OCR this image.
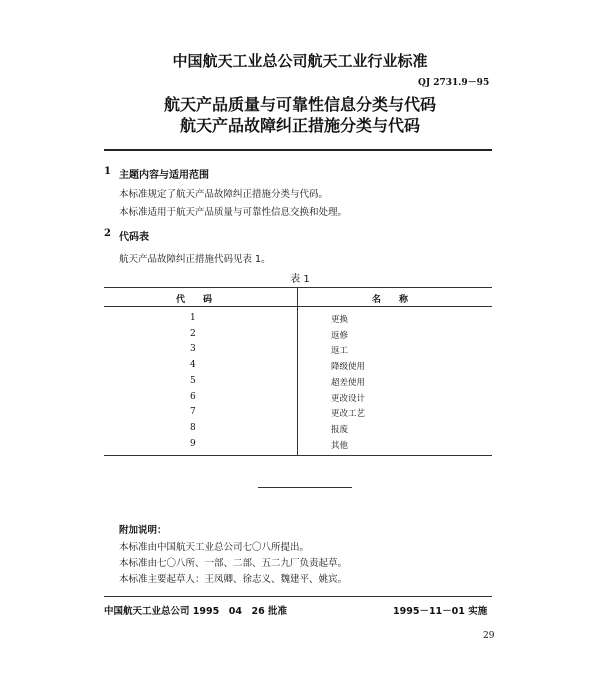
中国航天工业总公司航天工业行业标准
QJ 2731.9－95
航天产品质量与可靠性信息分类与代码
航天产品故障纠正措施分类与代码
1 主题内容与适用范围
本标准规定了航天产品故障纠正措施分类与代码。
本标准适用于航天产品质量与可靠性信息交换和处理。
2 代码表
航天产品故障纠正措施代码见表 1。
表 1
代　　码	名　　称
1	更换
2	返修
3	返工
4	降级使用
5	超差使用
6	更改设计
7	更改工艺
8	报废
9	其他
附加说明：
本标准由中国航天工业总公司七〇八所提出。
本标准由七〇八所、一部、二部、五二九厂负责起草。
本标准主要起草人：王凤卿、徐志义、魏建平、姚宾。
中国航天工业总公司 1995　04　26 批准	1995－11－01 实施
29
